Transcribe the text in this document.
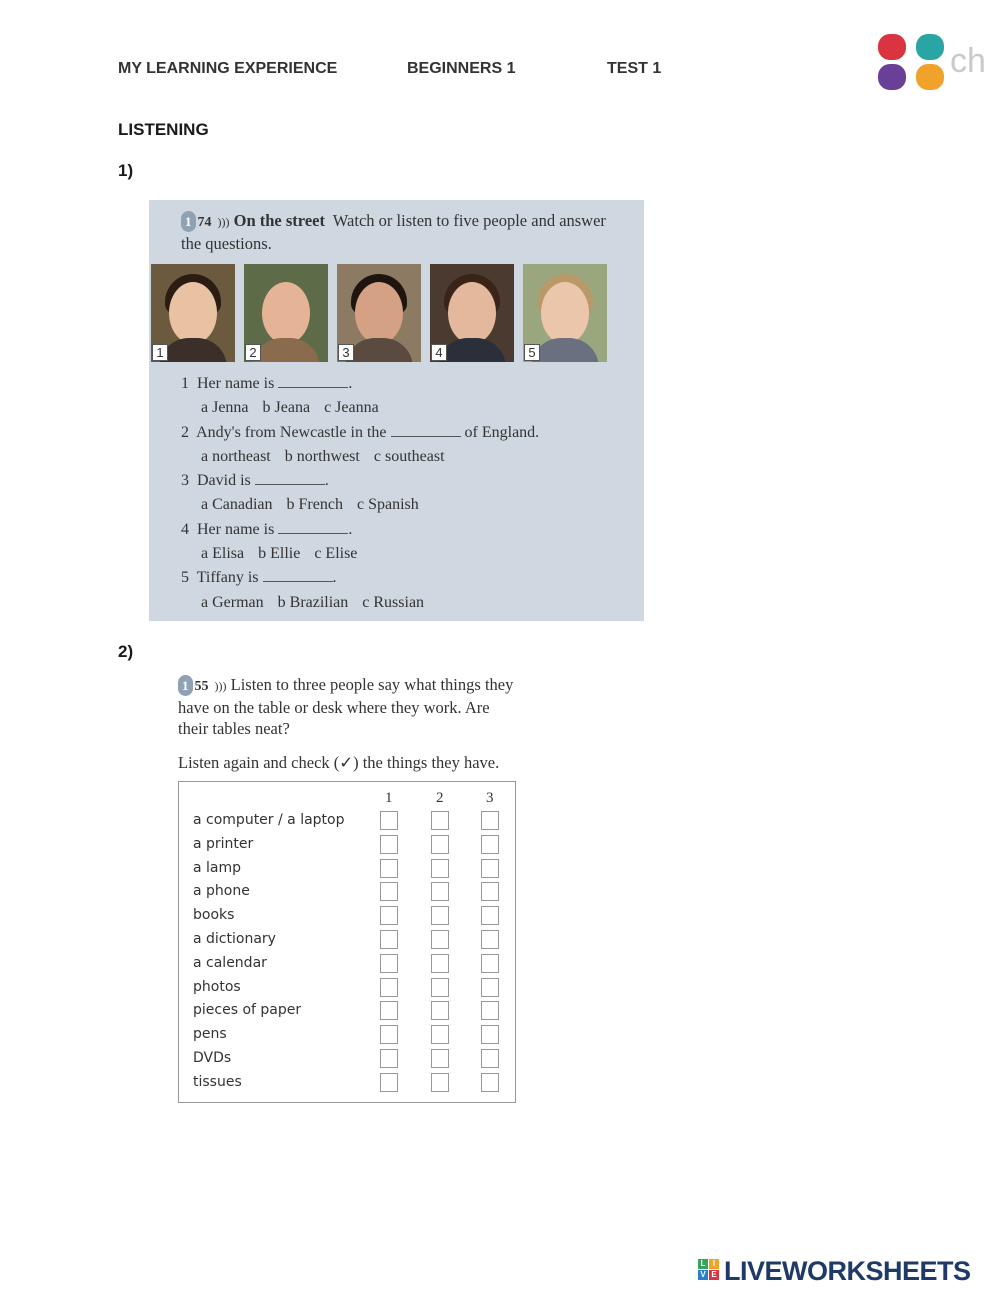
MY LEARNING EXPERIENCE	BEGINNERS 1	TEST 1	ch
LISTENING
1)
1 74 ))) On the street Watch or listen to five people and answer the questions.
1	2	3	4	5
1 Her name is	.
a Jenna b Jeana c Jeanna
2 Andy's from Newcastle in the	of England.
a northeast b northwest c southeast
3 David is	.
a Canadian b French c Spanish
4 Her name is	.
a Elisa b Ellie c Elise
5 Tiffany is	.
a German b Brazilian c Russian
2)
1 55 ))) Listen to three people say what things they have on the table or desk where they work. Are their tables neat?
Listen again and check (✓) the things they have.
1	2	3
a computer / a laptop
a printer
a lamp
a phone
books
a dictionary
a calendar
photos
pieces of paper
pens
DVDs
tissues
L I
V E LIVEWORKSHEETS
